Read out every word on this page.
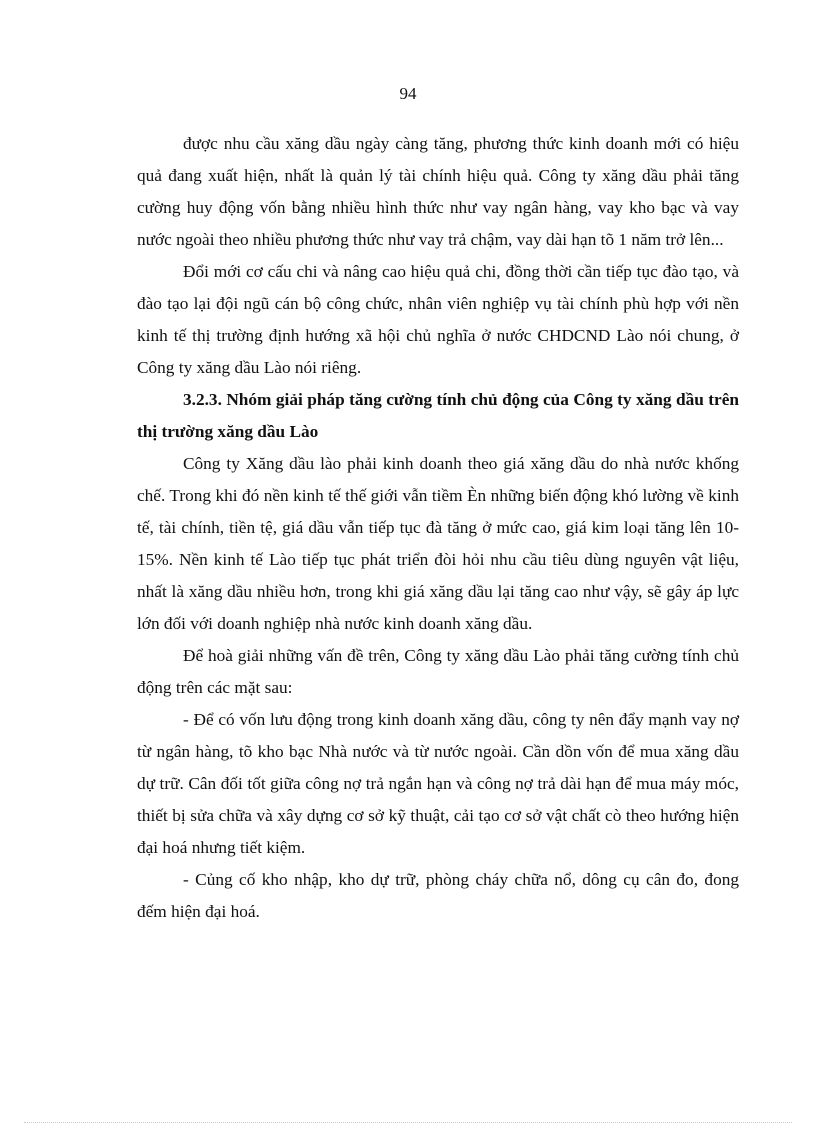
94

được nhu cầu xăng dầu ngày càng tăng, phương thức kinh doanh mới có hiệu quả đang xuất hiện, nhất là quản lý tài chính hiệu quả. Công ty xăng dầu phải tăng cường huy động vốn bằng nhiều hình thức như vay ngân hàng, vay kho bạc và vay nước ngoài theo nhiều phương thức như vay trả chậm, vay dài hạn tõ 1 năm trở lên...

Đổi mới cơ cấu chi và nâng cao hiệu quả chi, đồng thời cần tiếp tục đào tạo, và đào tạo lại đội ngũ cán bộ công chức, nhân viên nghiệp vụ tài chính phù hợp với nền kinh tế thị trường định hướng xã hội chủ nghĩa ở nước CHDCND Lào nói chung, ở Công ty xăng dầu Lào nói riêng.

3.2.3. Nhóm giải pháp tăng cường tính chủ động của Công ty xăng dầu trên thị trường xăng dầu Lào

Công ty Xăng dầu lào phải kinh doanh theo giá xăng dầu do nhà nước khống chế. Trong khi đó nền kinh tế thế giới vẫn tiềm Èn những biến động khó lường về kinh tế, tài chính, tiền tệ, giá dầu vẫn tiếp tục đà tăng ở mức cao, giá kim loại tăng lên 10-15%. Nền kinh tế Lào tiếp tục phát triển đòi hỏi nhu cầu tiêu dùng nguyên vật liệu, nhất là xăng dầu nhiều hơn, trong khi giá xăng dầu lại tăng cao như vậy, sẽ gây áp lực lớn đối với doanh nghiệp nhà nước kinh doanh xăng dầu.

Để hoà giải những vấn đề trên, Công ty xăng dầu Lào phải tăng cường tính chủ động trên các mặt sau:

- Để có vốn lưu động trong kinh doanh xăng dầu, công ty nên đẩy mạnh vay nợ từ ngân hàng, tõ kho bạc Nhà nước và từ nước ngoài. Cần dồn vốn để mua xăng dầu dự trữ. Cân đối tốt giữa công nợ trả ngắn hạn và công nợ trả dài hạn để mua máy móc, thiết bị sửa chữa và xây dựng cơ sở kỹ thuật, cải tạo cơ sở vật chất cò theo hướng hiện đại hoá nhưng tiết kiệm.

- Củng cố kho nhập, kho dự trữ, phòng cháy chữa nổ, dông cụ cân đo, đong đếm hiện đại hoá.
